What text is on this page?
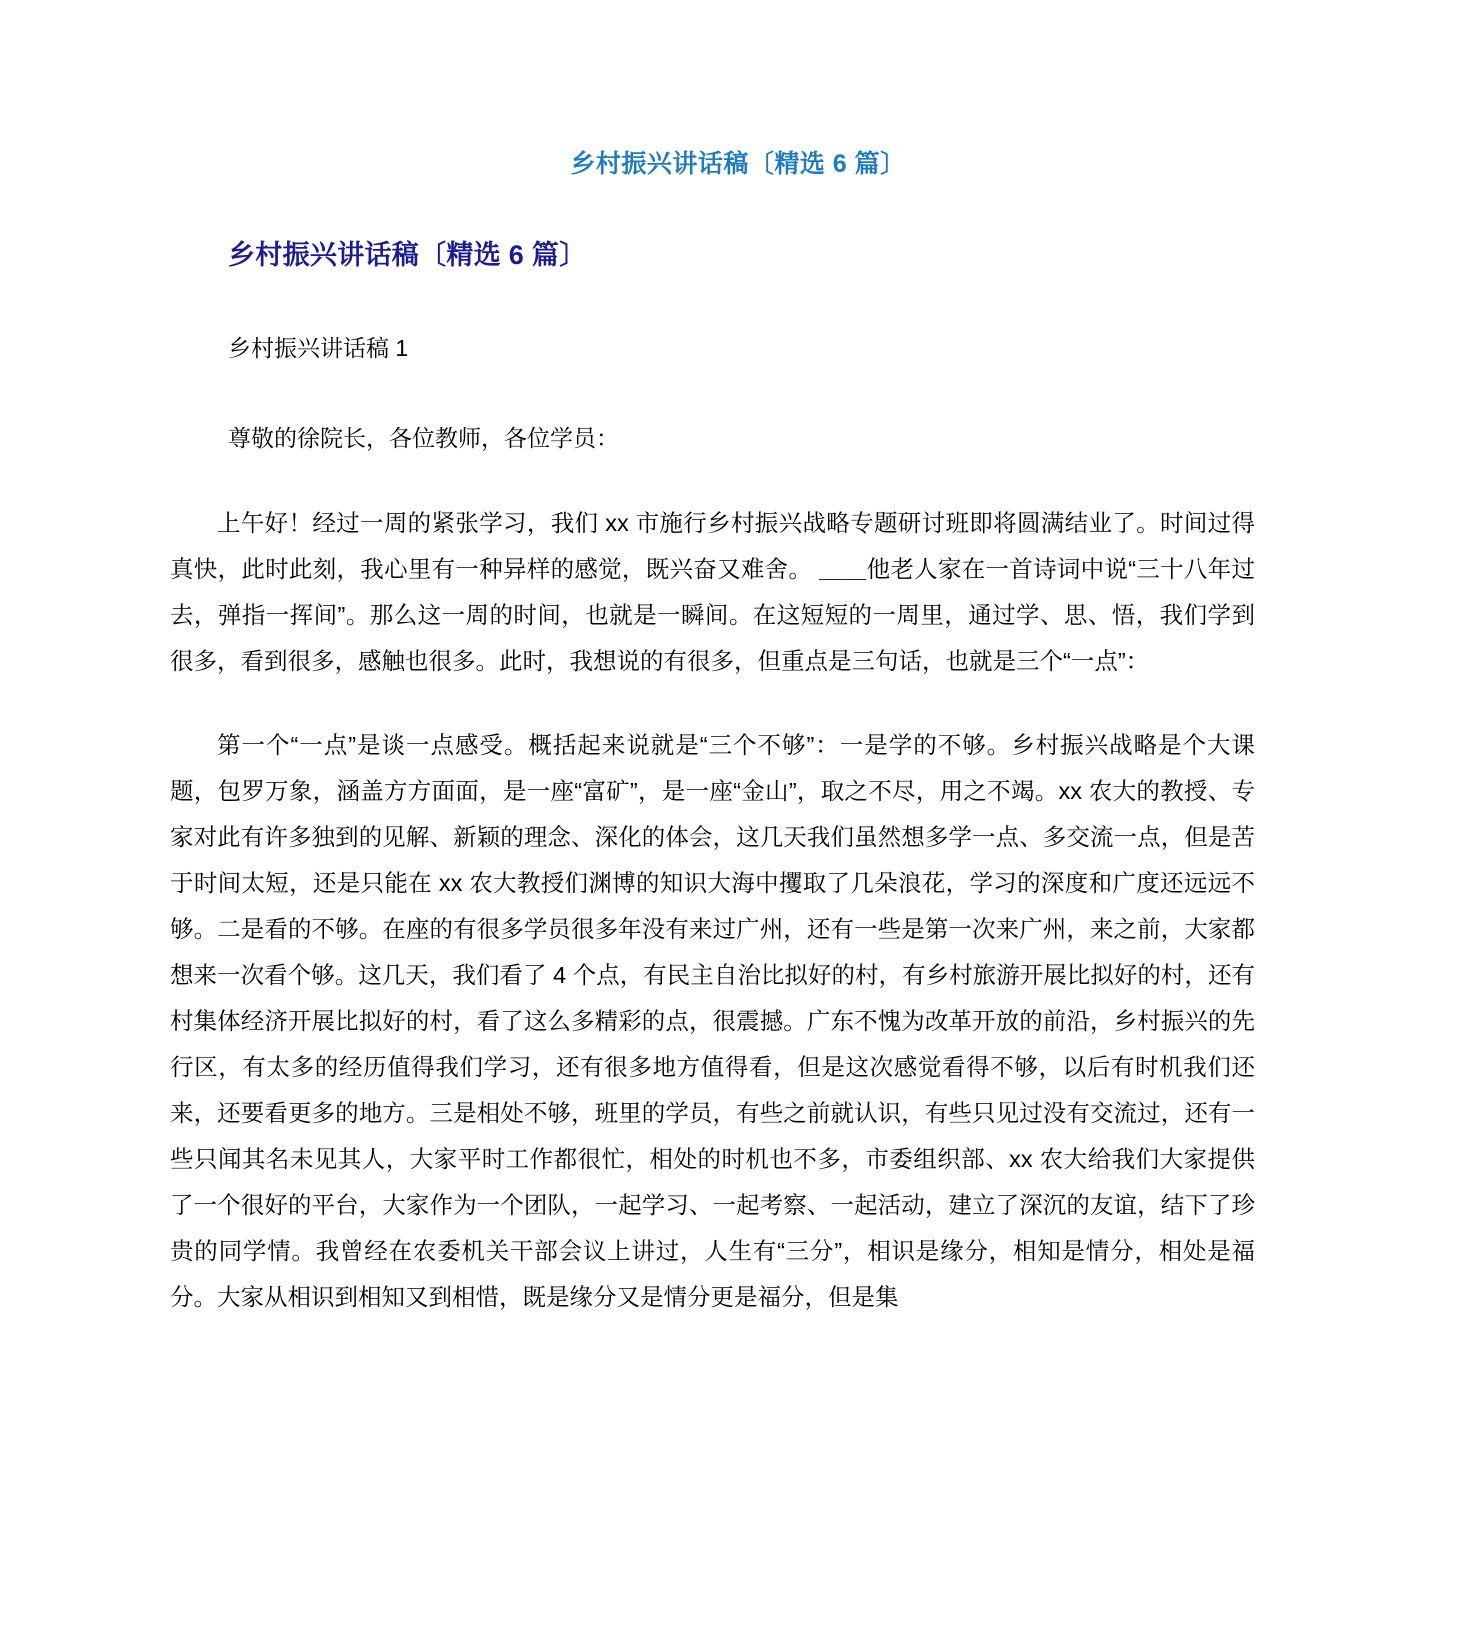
乡村振兴讲话稿〔精选 6 篇〕
乡村振兴讲话稿〔精选 6 篇〕
乡村振兴讲话稿 1
尊敬的徐院长，各位教师，各位学员：

上午好！经过一周的紧张学习，我们 xx 市施行乡村振兴战略专题研讨班即将圆满结业了。时间过得真快，此时此刻，我心里有一种异样的感觉，既兴奋又难舍。 ＿＿他老人家在一首诗词中说“三十八年过去，弹指一挥间”。那么这一周的时间，也就是一瞬间。在这短短的一周里，通过学、思、悟，我们学到很多，看到很多，感触也很多。此时，我想说的有很多，但重点是三句话，也就是三个“一点”：

第一个“一点”是谈一点感受。概括起来说就是“三个不够”：一是学的不够。乡村振兴战略是个大课题，包罗万象，涵盖方方面面，是一座“富矿”，是一座“金山”，取之不尽，用之不竭。xx 农大的教授、专家对此有许多独到的见解、新颖的理念、深化的体会，这几天我们虽然想多学一点、多交流一点，但是苦于时间太短，还是只能在 xx 农大教授们渊博的知识大海中攫取了几朵浪花，学习的深度和广度还远远不够。二是看的不够。在座的有很多学员很多年没有来过广州，还有一些是第一次来广州，来之前，大家都想来一次看个够。这几天，我们看了 4 个点，有民主自治比拟好的村，有乡村旅游开展比拟好的村，还有村集体经济开展比拟好的村，看了这么多精彩的点，很震撼。广东不愧为改革开放的前沿，乡村振兴的先行区，有太多的经历值得我们学习，还有很多地方值得看，但是这次感觉看得不够，以后有时机我们还来，还要看更多的地方。三是相处不够，班里的学员，有些之前就认识，有些只见过没有交流过，还有一些只闻其名未见其人，大家平时工作都很忙，相处的时机也不多，市委组织部、xx 农大给我们大家提供了一个很好的平台，大家作为一个团队，一起学习、一起考察、一起活动，建立了深沉的友谊，结下了珍贵的同学情。我曾经在农委机关干部会议上讲过，人生有“三分”，相识是缘分，相知是情分，相处是福分。大家从相识到相知又到相惜，既是缘分又是情分更是福分，但是集
